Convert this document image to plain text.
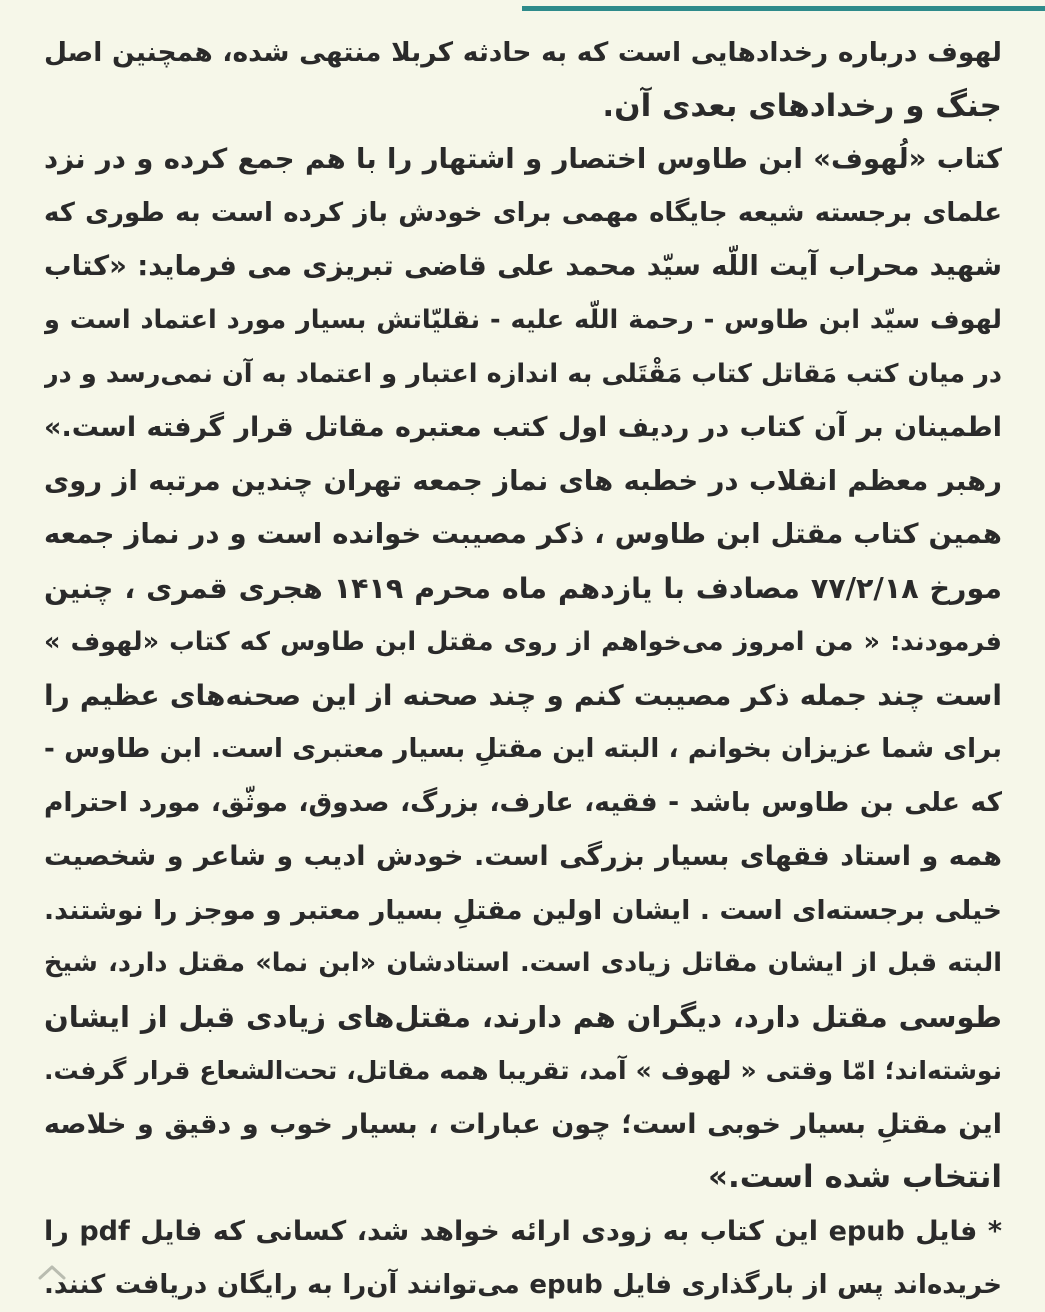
لهوف درباره رخدادهایی است که به حادثه کربلا منتهی شده، همچنین اصل
جنگ و رخدادهای بعدی آن.
کتاب «لُهوف» ابن طاوس اختصار و اشتهار را با هم جمع کرده و در نزد
علمای برجسته شیعه جایگاه مهمی برای خودش باز کرده است به طوری که
شهید محراب آیت اللّه سیّد محمد علی قاضی تبریزی می فرماید: «کتاب
لهوف سیّد ابن طاوس - رحمة اللّه علیه - نقلیّاتش بسیار مورد اعتماد است و
در میان کتب مَقاتل کتاب مَقْتَلی به اندازه اعتبار و اعتماد به آن نمی‌رسد و در
اطمینان بر آن کتاب در ردیف اول کتب معتبره مقاتل قرار گرفته است.»
رهبر معظم انقلاب در خطبه های نماز جمعه تهران چندین مرتبه از روی
همین کتاب مقتل ابن طاوس ، ذکر مصیبت خوانده است و در نماز جمعه
مورخ ۷۷/۲/۱۸ مصادف با یازدهم ماه محرم ۱۴۱۹ هجری قمری ، چنین
فرمودند: « من امروز می‌خواهم از روی مقتل ابن طاوس که کتاب «لهوف »
است چند جمله ذکر مصیبت کنم و چند صحنه از این صحنه‌های عظیم را
برای شما عزیزان بخوانم ، البته این مقتلِ بسیار معتبری است. ابن طاوس -
که علی بن طاوس باشد - فقیه، عارف، بزرگ، صدوق، موثّق، مورد احترام
همه و استاد فقهای بسیار بزرگی است. خودش ادیب و شاعر و شخصیت
خیلی برجسته‌ای است . ایشان اولین مقتلِ بسیار معتبر و موجز را نوشتند.
البته قبل از ایشان مقاتل زیادی است. استادشان «ابن نما» مقتل دارد، شیخ
طوسی مقتل دارد، دیگران هم دارند، مقتل‌های زیادی قبل از ایشان
نوشته‌اند؛ امّا وقتی « لهوف » آمد، تقریبا همه مقاتل، تحت‌الشعاع قرار گرفت.
این مقتلِ بسیار خوبی است؛ چون عبارات ، بسیار خوب و دقیق و خلاصه
انتخاب شده است.»
* فایل epub این کتاب به زودی ارائه خواهد شد، کسانی که فایل pdf را
خریده‌اند پس از بارگذاری فایل epub می‌توانند آن‌را به رایگان دریافت کنند.
